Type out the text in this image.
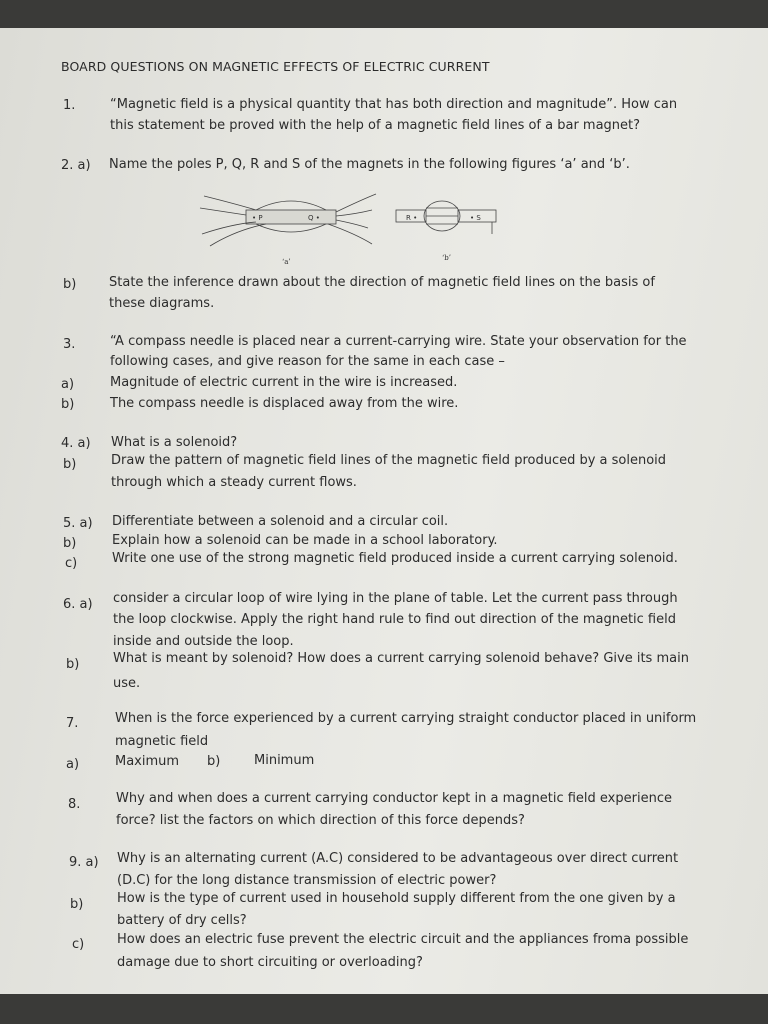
BOARD QUESTIONS ON MAGNETIC EFFECTS OF ELECTRIC CURRENT
1.	“Magnetic field is a physical quantity that has both direction and magnitude”. How can
this statement be proved with the help of a magnetic field lines of a bar magnet?
2. a) Name the poles P, Q, R and S of the magnets in the following figures ‘a’ and ‘b’.
• P	Q •
‘a’
R •	• S
‘b’
b)	State the inference drawn about the direction of magnetic field lines on the basis of
these diagrams.
3.	“A compass needle is placed near a current-carrying wire. State your observation for the
following cases, and give reason for the same in each case –
a)	Magnitude of electric current in the wire is increased.
b)	The compass needle is displaced away from the wire.
4. a) What is a solenoid?
b)	Draw the pattern of magnetic field lines of the magnetic field produced by a solenoid
through which a steady current flows.
5. a) Differentiate between a solenoid and a circular coil.
b)	Explain how a solenoid can be made in a school laboratory.
c)	Write one use of the strong magnetic field produced inside a current carrying solenoid.
6. a) consider a circular loop of wire lying in the plane of table. Let the current pass through
the loop clockwise. Apply the right hand rule to find out direction of the magnetic field
inside and outside the loop.
b)	What is meant by solenoid? How does a current carrying solenoid behave? Give its main
use.
7.	When is the force experienced by a current carrying straight conductor placed in uniform
magnetic field
a)	Maximum b)	Minimum
8.	Why and when does a current carrying conductor kept in a magnetic field experience
force? list the factors on which direction of this force depends?
9. a) Why is an alternating current (A.C) considered to be advantageous over direct current
(D.C) for the long distance transmission of electric power?
b)	How is the type of current used in household supply different from the one given by a
battery of dry cells?
c)	How does an electric fuse prevent the electric circuit and the appliances froma possible
damage due to short circuiting or overloading?
